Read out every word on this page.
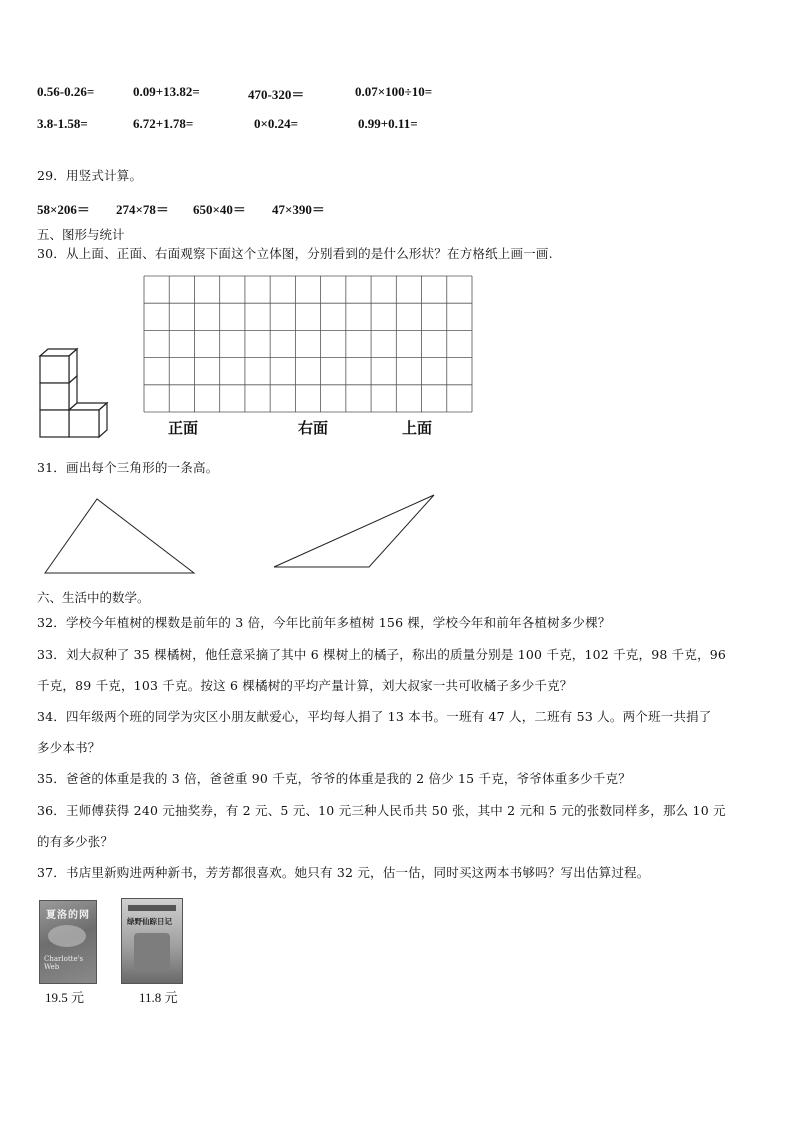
0.56-0.26=	0.09+13.82=	470-320＝	0.07×100÷10=
3.8-1.58=	6.72+1.78=	0×0.24=	0.99+0.11=
29．用竖式计算。
58×206＝ 274×78＝ 650×40＝ 47×390＝
五、图形与统计
30．从上面、正面、右面观察下面这个立体图，分别看到的是什么形状？在方格纸上画一画.
正面	右面	上面
31．画出每个三角形的一条高。
六、生活中的数学。
32．学校今年植树的棵数是前年的 3 倍，今年比前年多植树 156 棵，学校今年和前年各植树多少棵？
33．刘大叔种了 35 棵橘树，他任意采摘了其中 6 棵树上的橘子，称出的质量分别是 100 千克，102 千克，98 千克，96
千克，89 千克，103 千克。按这 6 棵橘树的平均产量计算，刘大叔家一共可收橘子多少千克？
34．四年级两个班的同学为灾区小朋友献爱心，平均每人捐了 13 本书。一班有 47 人，二班有 53 人。两个班一共捐了
多少本书？
35．爸爸的体重是我的 3 倍，爸爸重 90 千克，爷爷的体重是我的 2 倍少 15 千克，爷爷体重多少千克？
36．王师傅获得 240 元抽奖券，有 2 元、5 元、10 元三种人民币共 50 张，其中 2 元和 5 元的张数同样多，那么 10 元
的有多少张？
37．书店里新购进两种新书，芳芳都很喜欢。她只有 32 元，估一估，同时买这两本书够吗？写出估算过程。
夏洛的网
Charlotte's Web
19.5 元
绿野仙踪日记
11.8 元
